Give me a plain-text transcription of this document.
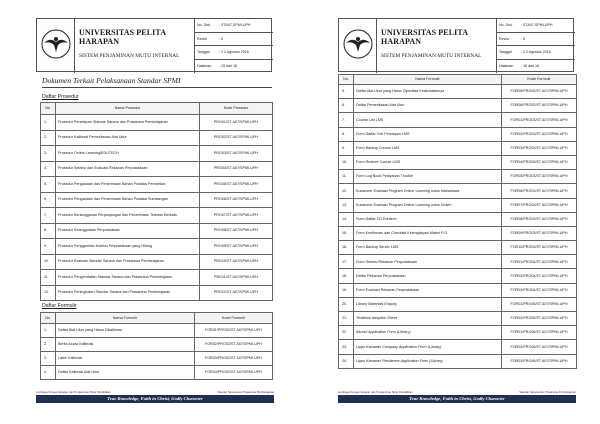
UNIVERSITAS PELITA HARAPAN
SISTEM PENJAMINAN MUTU INTERNAL
No. Dok. : STA07-SPMI-UPH
Revisi	: 0
Tanggal	: 2 2 Agustus 2016
Halaman : 15 dari 18
Dokumen Terkait Pelaksanaan Standar SPMI
Daftar Prosedur
No.	Nama Prosedur	Kode Prosedur
1.	Prosedur Penetapan Standar Sarana dan Prasarana Pembelajaran	PRO01/ST A07/SPMI-UPH
2.	Prosedur Kalibrasi Pemeriksaan Alat Ukur	PRO02/ST A07/SPMI-UPH
3.	Prosedur Online Learning/EDUTECH	PRO03/ST A07/SPMI-UPH
4.	Prosedur Seleksi dan Evaluasi Rekanan Perpustakaan	PRO04/ST A07/SPMI-UPH
5.	Prosedur Pengadaan dan Penerimaan Bahan Pustaka Pembelian	PRO05/ST A07/SPMI-UPH
6.	Prosedur Pengadaan dan Penerimaan Bahan Pustaka Sumbangan	PRO06/ST A07/SPMI-UPH
7.	Prosedur Berlangganan Perpanjangan dan Penerimaan Terbitan Berkala	PRO07/ST A07/SPMI-UPH
8.	Prosedur Keanggotaan Perpustakaan	PRO08/ST A07/SPMI-UPH
9.	Prosedur Penggantian Koleksi Perpustakaan yang Hilang	PRO09/ST A07/SPMI-UPH
10.	Prosedur Evaluasi Standar Sarana dan Prasarana Pembelajaran	PRO10/ST A07/SPMI-UPH
11.	Prosedur Pengendalian Standar Sarana dan Prasarana Pembelajaran	PRO11/ST A07/SPMI-UPH
12.	Prosedur Peningkatan Standar Sarana dan Prasarana Pembelajaran	PRO12/ST A07/SPMI-UPH
Daftar Formulir
No.	Nama Formulir	Kode Formulir
1.	Daftar Alat Ukur yang Harus Dikalibrasi	FOR01/PRO02/ST A07/SPMI-UPH
2.	Berita Acara Kalibrasi	FOR02/PRO02/ST A07/SPMI-UPH
3.	Label Kalibrasi	FOR03/PRO02/ST A07/SPMI-UPH
4.	Daftar Kalibrasi Alat Ukur	FOR04/PRO02/ST A07/SPMI-UPH
Lembaga Pengembangan dan Penjaminan Mutu Pendidikan	Standar Sarana dan Prasarana Pembelajaran
True Knowledge, Faith in Christ, Godly Character
UNIVERSITAS PELITA HARAPAN
SISTEM PENJAMINAN MUTU INTERNAL
No. Dok. : STA07-SPMI-UPH
Revisi	: 0
Tanggal	: 2 2 Agustus 2016
Halaman : 16 dari 18
No.	Nama Formulir	Kode Formulir
5.	Daftar Alat Ukur yang Harus Diperiksa Keakuratannya	FOR05/PRO02/ST A07/SPMI-UPH
6.	Daftar Pemeriksaan Alat Ukur	FOR06/PRO02/ST A07/SPMI-UPH
7.	Course List LMS	FOR01/PRO03/ST A07/SPMI-UPH
8.	Form Daftar Cek Persiapan LMS	FOR02/PRO03/ST A07/SPMI-UPH
9.	Form Backup Course LMS	FOR03/PRO03/ST A07/SPMI-UPH
10.	Form Restore Course LMS	FOR04/PRO03/ST A07/SPMI-UPH
11.	Form Log Book Pelayanan Trouble	FOR05/PRO03/ST A07/SPMI-UPH
12.	Kuesioner Evaluasi Program Online Learning untuk Mahasiswa	FOR06/PRO03/ST A07/SPMI-UPH
13.	Kuesioner Evaluasi Program Online Learning untuk Dosen	FOR07/PRO03/ST A07/SPMI-UPH
14.	Form Daftar CD Edutech	FOR08/PRO03/ST A07/SPMI-UPH
15.	Form Konfirmasi dan Checklist Kelengkapan Materi PJJ	FOR09/PRO03/ST A07/SPMI-UPH
16.	Form Backup Server LMS	FOR10/PRO03/ST A07/SPMI-UPH
17.	Form Seleksi Rekanan Perpustakaan	FOR01/PRO04/ST A07/SPMI-UPH
18.	Daftar Rekanan Perpustakaan	FOR02/PRO04/ST A07/SPMI-UPH
19.	Form Evaluasi Rekanan Perpustakaan	FOR03/PRO04/ST A07/SPMI-UPH
20.	Library Materials Enquiry	FOR01/PRO05/ST A07/SPMI-UPH
21.	Textbook Adoption Sheet	FOR02/PRO05/ST A07/SPMI-UPH
22.	Alumni Application Form (Library)	FOR01/PRO06/ST A07/SPMI-UPH
23.	Lippo Karawaci Company Application Form (Library)	FOR02/PRO06/ST A07/SPMI-UPH
24.	Lippo Karawaci Residence Application Form (Library)	FOR03/PRO06/ST A07/SPMI-UPH
Lembaga Pengembangan dan Penjaminan Mutu Pendidikan	Standar Sarana dan Prasarana Pembelajaran
True Knowledge, Faith in Christ, Godly Character
